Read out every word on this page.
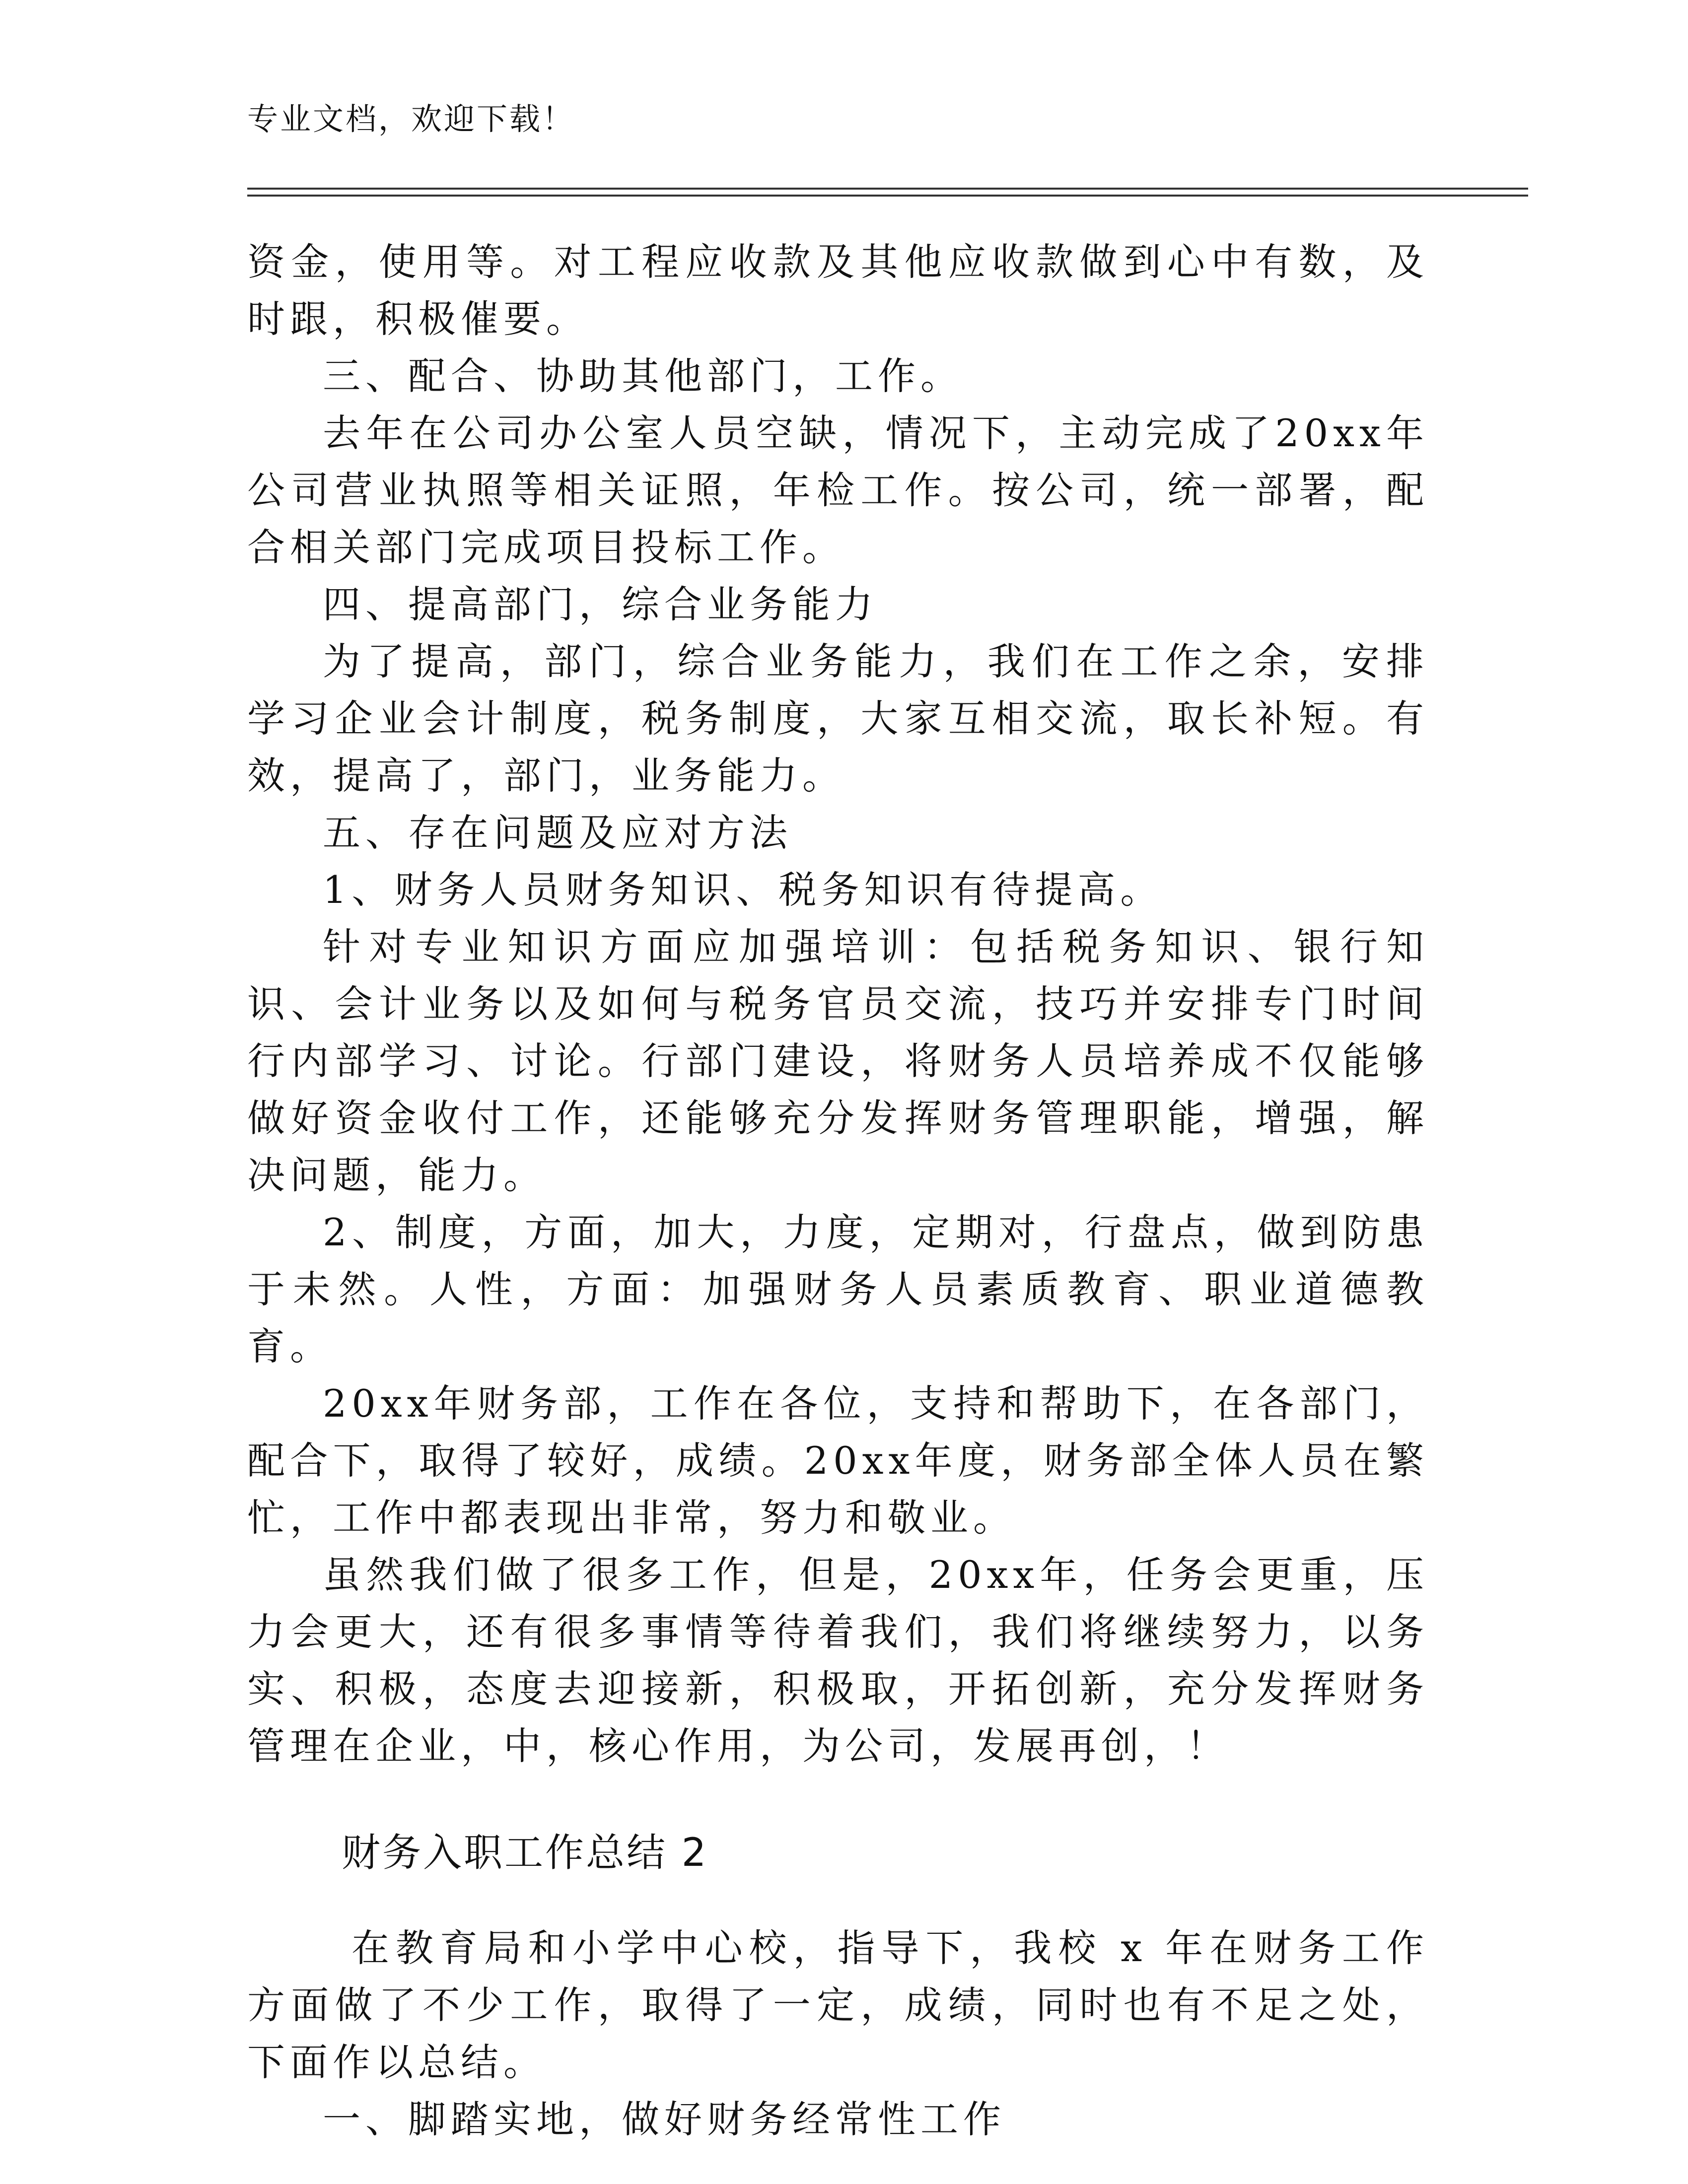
专业文档，欢迎下载！

资金，使用等。对工程应收款及其他应收款做到心中有数，及时跟，积极催要。

三、配合、协助其他部门，工作。

去年在公司办公室人员空缺，情况下，主动完成了20xx年公司营业执照等相关证照，年检工作。按公司，统一部署，配合相关部门完成项目投标工作。

四、提高部门，综合业务能力

为了提高，部门，综合业务能力，我们在工作之余，安排学习企业会计制度，税务制度，大家互相交流，取长补短。有效，提高了，部门，业务能力。

五、存在问题及应对方法

1、财务人员财务知识、税务知识有待提高。

针对专业知识方面应加强培训：包括税务知识、银行知识、会计业务以及如何与税务官员交流，技巧并安排专门时间行内部学习、讨论。行部门建设，将财务人员培养成不仅能够做好资金收付工作，还能够充分发挥财务管理职能，增强，解决问题，能力。

2、制度，方面，加大，力度，定期对，行盘点，做到防患于未然。人性，方面：加强财务人员素质教育、职业道德教育。

20xx年财务部，工作在各位，支持和帮助下，在各部门，配合下，取得了较好，成绩。20xx年度，财务部全体人员在繁忙，工作中都表现出非常，努力和敬业。

虽然我们做了很多工作，但是，20xx年，任务会更重，压力会更大，还有很多事情等待着我们，我们将继续努力，以务实、积极，态度去迎接新，积极取，开拓创新，充分发挥财务管理在企业，中，核心作用，为公司，发展再创，！

财务入职工作总结 2

在教育局和小学中心校，指导下，我校 x 年在财务工作方面做了不少工作，取得了一定，成绩，同时也有不足之处，下面作以总结。

一、脚踏实地，做好财务经常性工作
